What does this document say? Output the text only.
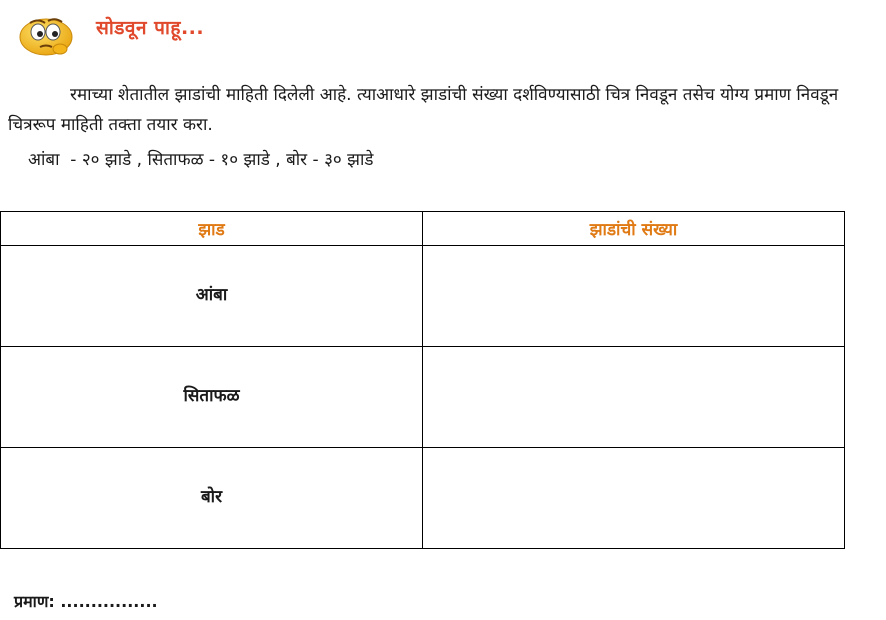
सोडवून पाहू...
रमाच्या शेतातील झाडांची माहिती दिलेली आहे. त्याआधारे झाडांची संख्या दर्शविण्यासाठी चित्र निवडून तसेच योग्य प्रमाण निवडून चित्ररूप माहिती तक्ता तयार करा.
आंबा  - २० झाडे , सिताफळ - १० झाडे , बोर - ३० झाडे
झाड	झाडांची संख्या
आंबा	
सिताफळ	
बोर	
प्रमाण: ................
